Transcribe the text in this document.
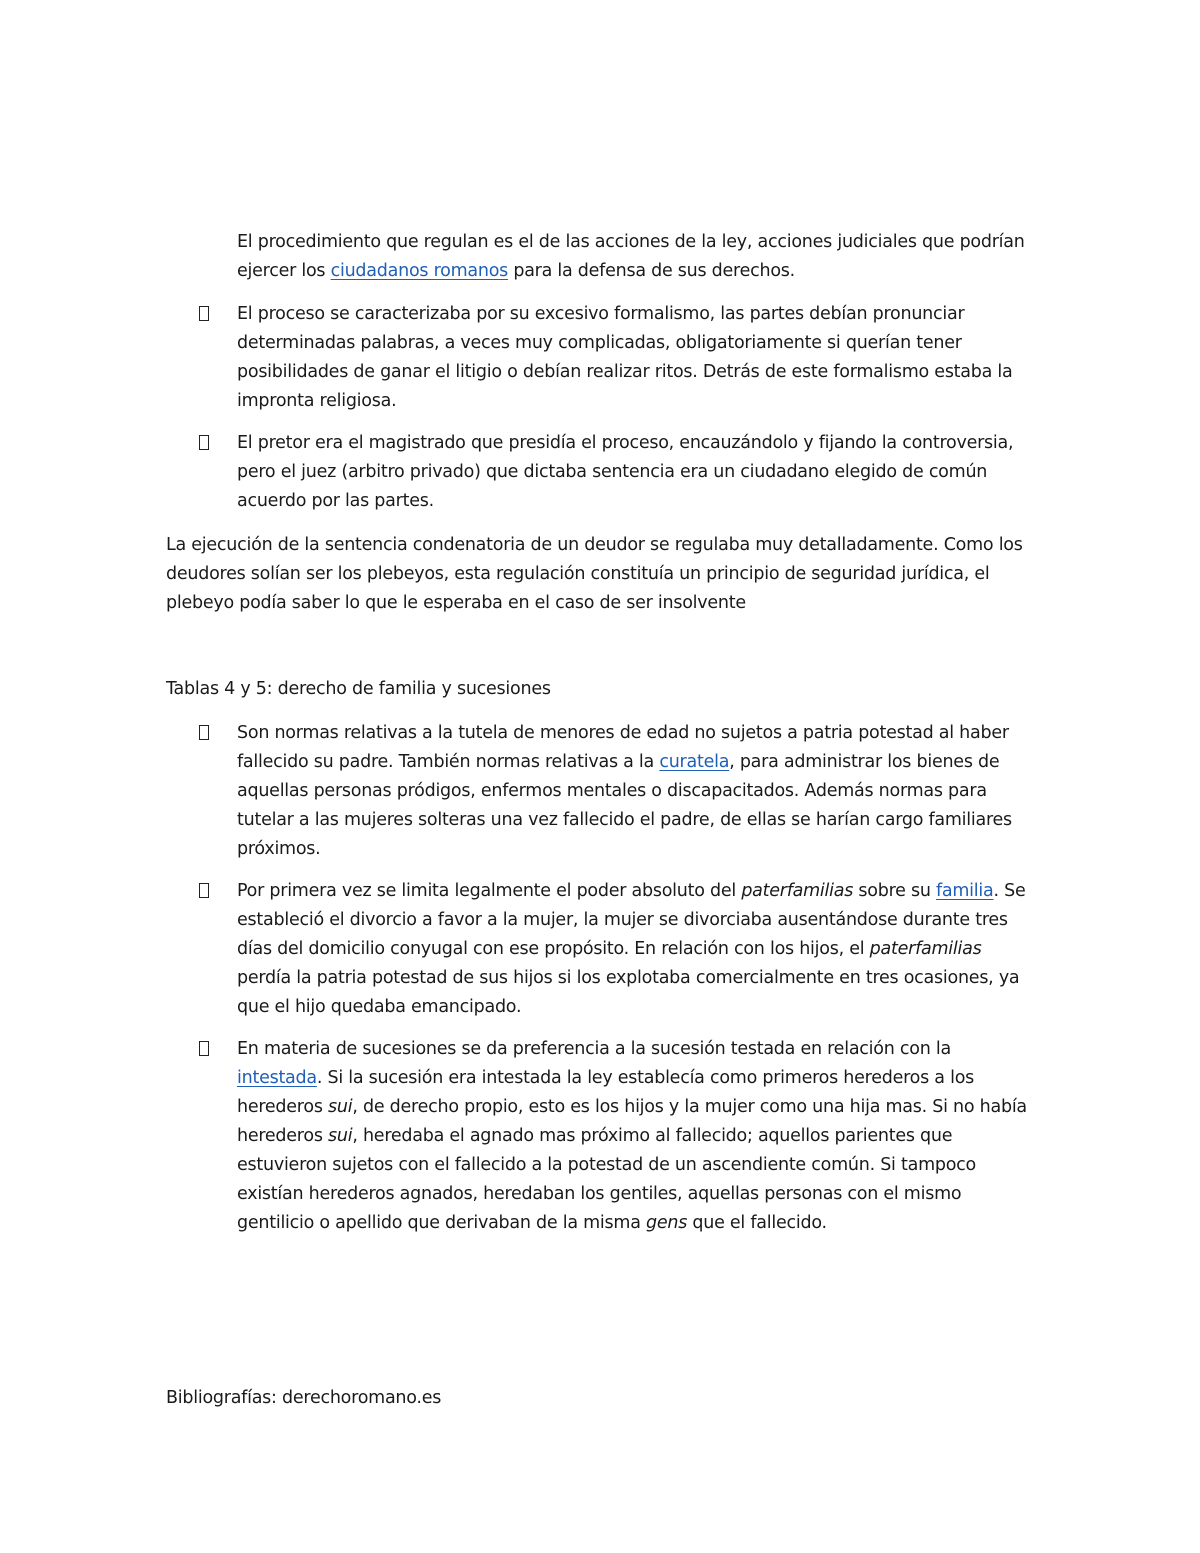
El procedimiento que regulan es el de las acciones de la ley, acciones judiciales que podrían ejercer los ciudadanos romanos para la defensa de sus derechos.

El proceso se caracterizaba por su excesivo formalismo, las partes debían pronunciar determinadas palabras, a veces muy complicadas, obligatoriamente si querían tener posibilidades de ganar el litigio o debían realizar ritos. Detrás de este formalismo estaba la impronta religiosa.

El pretor era el magistrado que presidía el proceso, encauzándolo y fijando la controversia, pero el juez (arbitro privado) que dictaba sentencia era un ciudadano elegido de común acuerdo por las partes.

La ejecución de la sentencia condenatoria de un deudor se regulaba muy detalladamente. Como los deudores solían ser los plebeyos, esta regulación constituía un principio de seguridad jurídica, el plebeyo podía saber lo que le esperaba en el caso de ser insolvente

Tablas 4 y 5: derecho de familia y sucesiones

Son normas relativas a la tutela de menores de edad no sujetos a patria potestad al haber fallecido su padre. También normas relativas a la curatela, para administrar los bienes de aquellas personas pródigos, enfermos mentales o discapacitados. Además normas para tutelar a las mujeres solteras una vez fallecido el padre, de ellas se harían cargo familiares próximos.

Por primera vez se limita legalmente el poder absoluto del paterfamilias sobre su familia. Se estableció el divorcio a favor a la mujer, la mujer se divorciaba ausentándose durante tres días del domicilio conyugal con ese propósito. En relación con los hijos, el paterfamilias perdía la patria potestad de sus hijos si los explotaba comercialmente en tres ocasiones, ya que el hijo quedaba emancipado.

En materia de sucesiones se da preferencia a la sucesión testada en relación con la intestada. Si la sucesión era intestada la ley establecía como primeros herederos a los herederos sui, de derecho propio, esto es los hijos y la mujer como una hija mas. Si no había herederos sui, heredaba el agnado mas próximo al fallecido; aquellos parientes que estuvieron sujetos con el fallecido a la potestad de un ascendiente común. Si tampoco existían herederos agnados, heredaban los gentiles, aquellas personas con el mismo gentilicio o apellido que derivaban de la misma gens que el fallecido.

Bibliografías: derechoromano.es
